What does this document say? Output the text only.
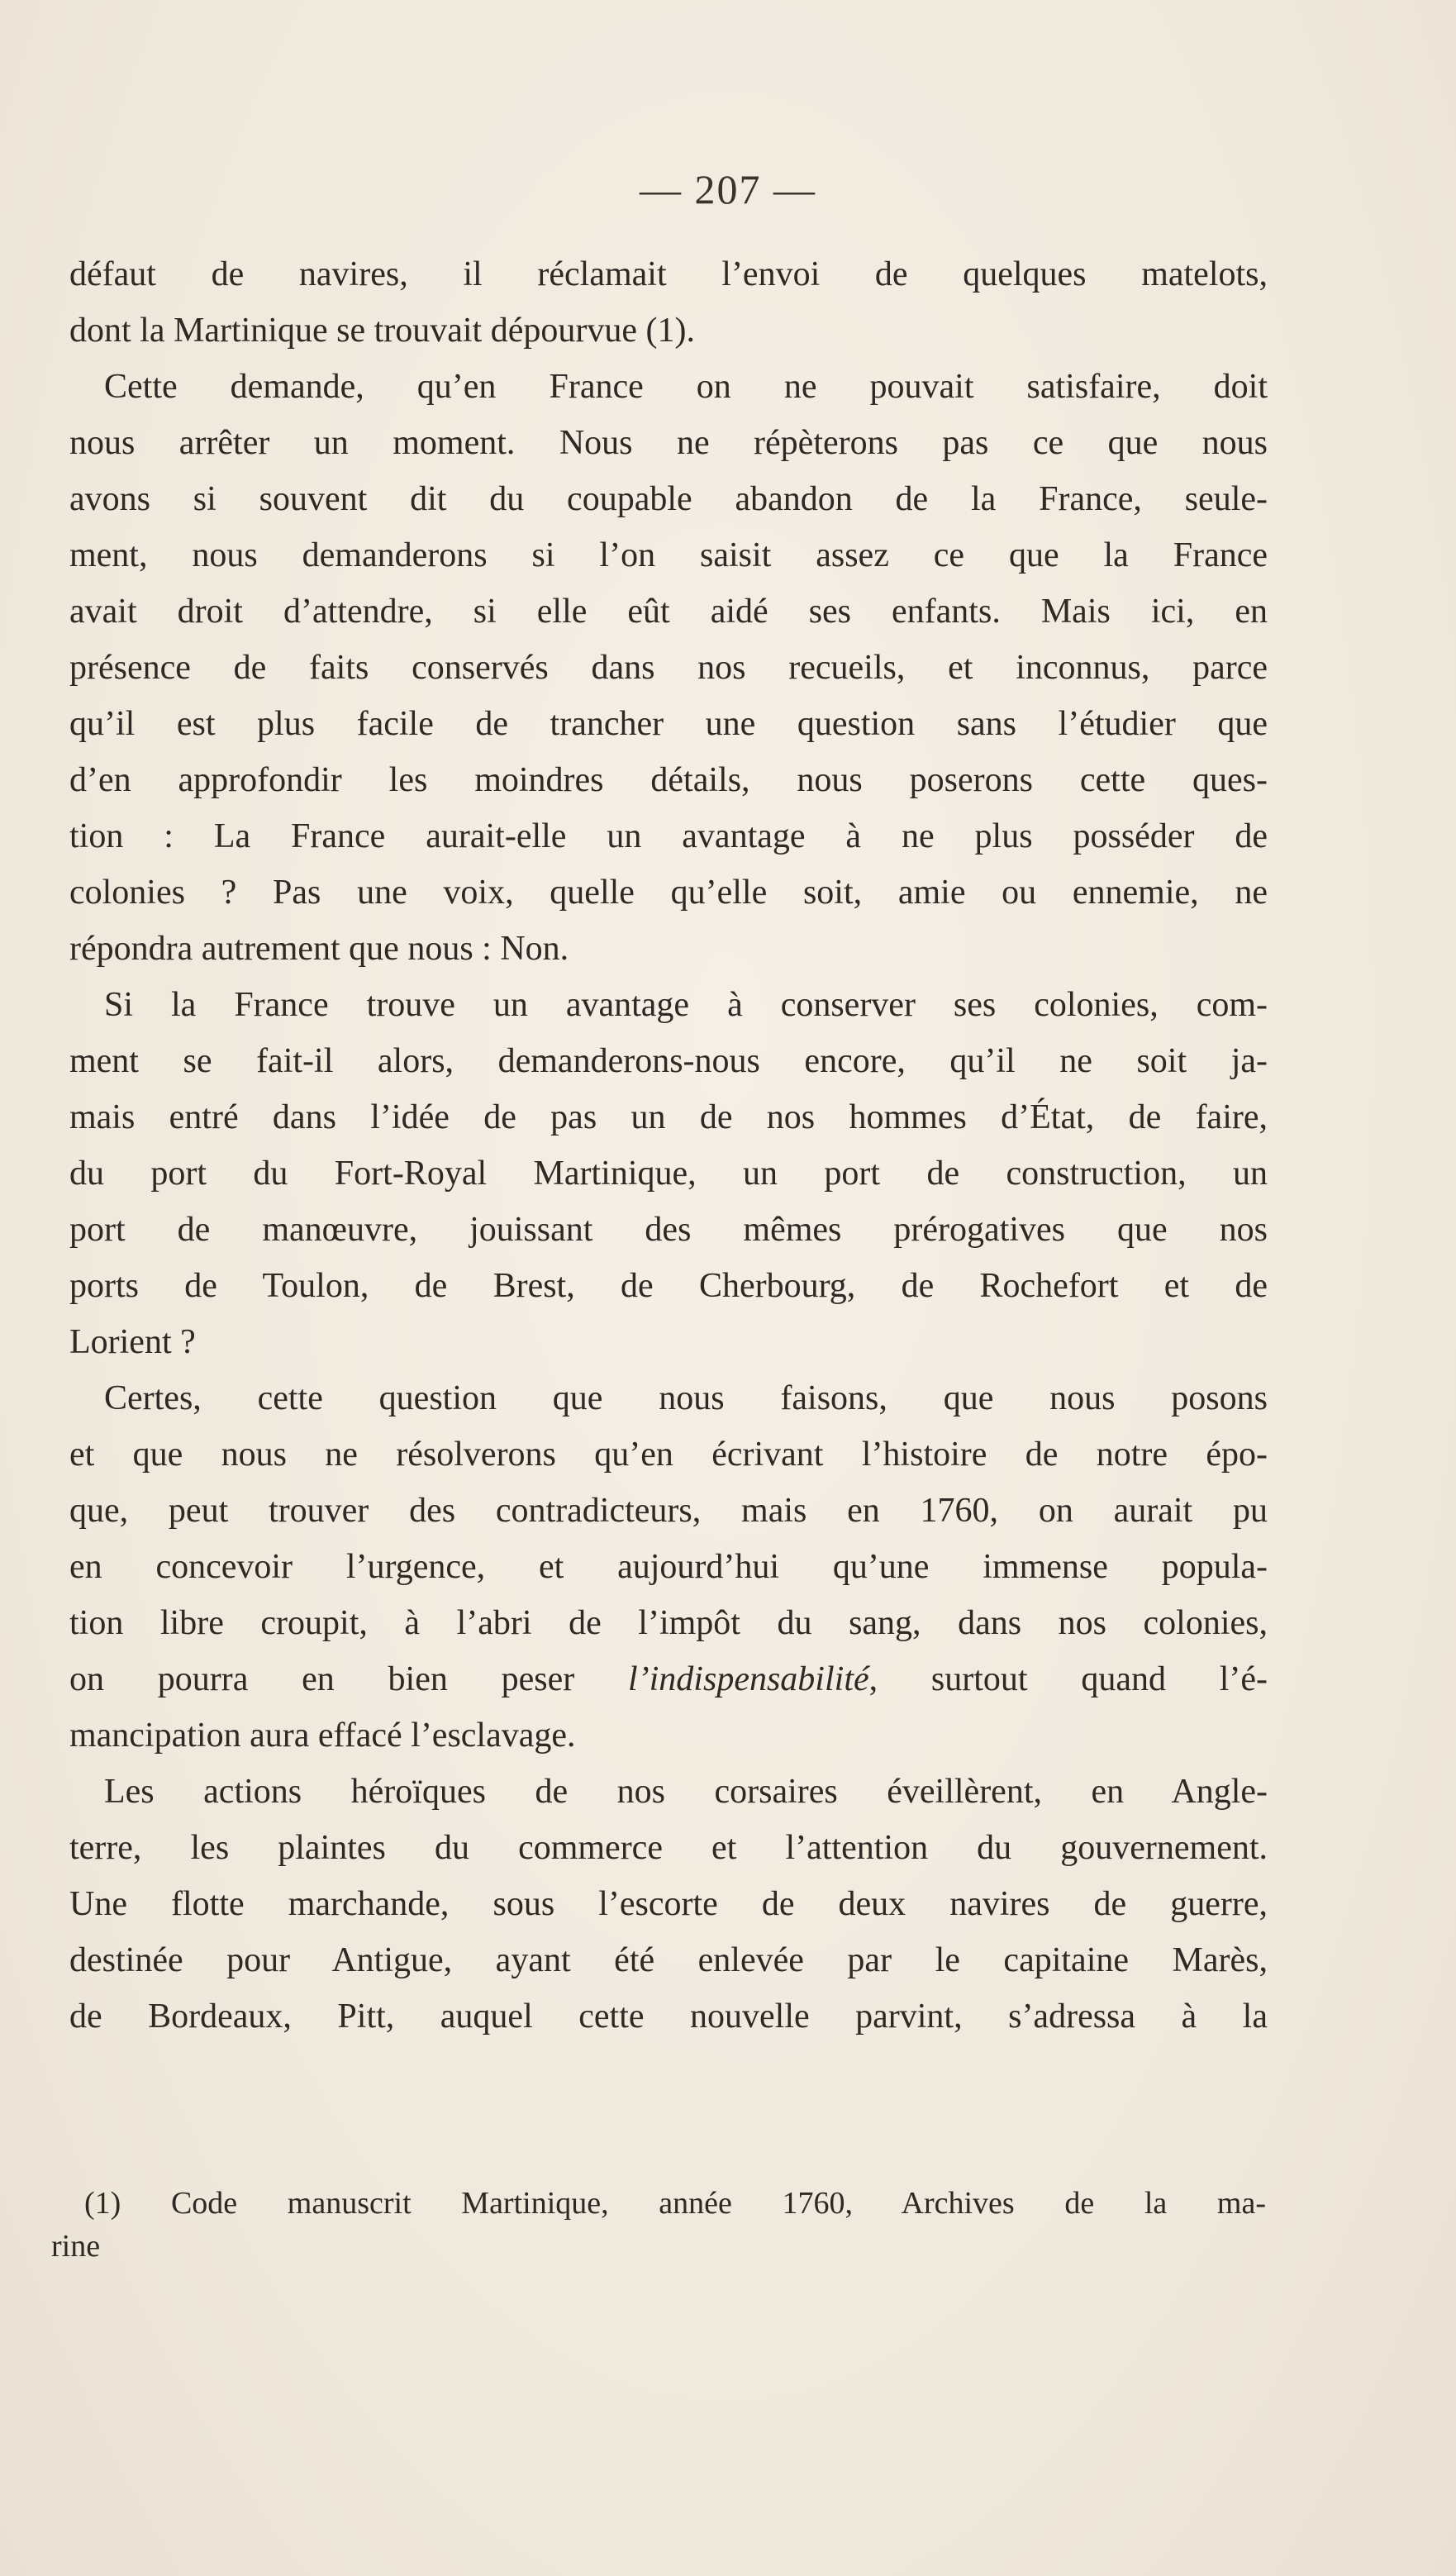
— 207 —
défaut de navires, il réclamait l’envoi de quelques matelots,
dont la Martinique se trouvait dépourvue (1).
Cette demande, qu’en France on ne pouvait satisfaire, doit
nous arrêter un moment. Nous ne répèterons pas ce que nous
avons si souvent dit du coupable abandon de la France, seule-
ment, nous demanderons si l’on saisit assez ce que la France
avait droit d’attendre, si elle eût aidé ses enfants. Mais ici, en
présence de faits conservés dans nos recueils, et inconnus, parce
qu’il est plus facile de trancher une question sans l’étudier que
d’en approfondir les moindres détails, nous poserons cette ques-
tion : La France aurait-elle un avantage à ne plus posséder de
colonies ? Pas une voix, quelle qu’elle soit, amie ou ennemie, ne
répondra autrement que nous : Non.
Si la France trouve un avantage à conserver ses colonies, com-
ment se fait-il alors, demanderons-nous encore, qu’il ne soit ja-
mais entré dans l’idée de pas un de nos hommes d’État, de faire,
du port du Fort-Royal Martinique, un port de construction, un
port de manœuvre, jouissant des mêmes prérogatives que nos
ports de Toulon, de Brest, de Cherbourg, de Rochefort et de
Lorient ?
Certes, cette question que nous faisons, que nous posons
et que nous ne résolverons qu’en écrivant l’histoire de notre épo-
que, peut trouver des contradicteurs, mais en 1760, on aurait pu
en concevoir l’urgence, et aujourd’hui qu’une immense popula-
tion libre croupit, à l’abri de l’impôt du sang, dans nos colonies,
on pourra en bien peser l’indispensabilité, surtout quand l’é-
mancipation aura effacé l’esclavage.
Les actions héroïques de nos corsaires éveillèrent, en Angle-
terre, les plaintes du commerce et l’attention du gouvernement.
Une flotte marchande, sous l’escorte de deux navires de guerre,
destinée pour Antigue, ayant été enlevée par le capitaine Marès,
de Bordeaux, Pitt, auquel cette nouvelle parvint, s’adressa à la
(1) Code manuscrit Martinique, année 1760, Archives de la ma-
rine
